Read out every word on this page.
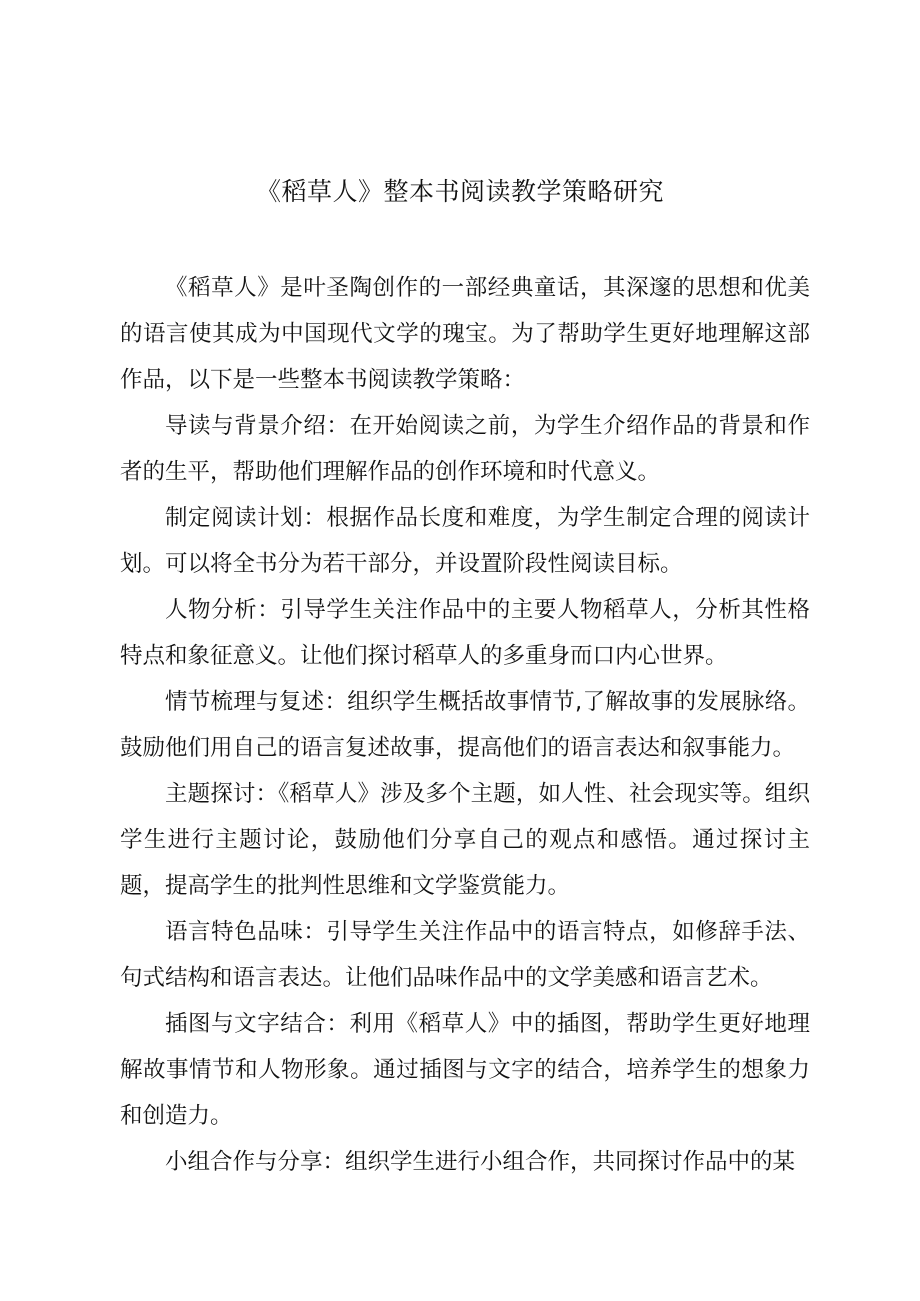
《稻草人》整本书阅读教学策略研究

《稻草人》是叶圣陶创作的一部经典童话，其深邃的思想和优美的语言使其成为中国现代文学的瑰宝。为了帮助学生更好地理解这部作品，以下是一些整本书阅读教学策略：

导读与背景介绍：在开始阅读之前，为学生介绍作品的背景和作者的生平，帮助他们理解作品的创作环境和时代意义。

制定阅读计划：根据作品长度和难度，为学生制定合理的阅读计划。可以将全书分为若干部分，并设置阶段性阅读目标。

人物分析：引导学生关注作品中的主要人物稻草人，分析其性格特点和象征意义。让他们探讨稻草人的多重身而口内心世界。

情节梳理与复述：组织学生概括故事情节,了解故事的发展脉络。鼓励他们用自己的语言复述故事，提高他们的语言表达和叙事能力。

主题探讨：《稻草人》涉及多个主题，如人性、社会现实等。组织学生进行主题讨论，鼓励他们分享自己的观点和感悟。通过探讨主题，提高学生的批判性思维和文学鉴赏能力。

语言特色品味：引导学生关注作品中的语言特点，如修辞手法、句式结构和语言表达。让他们品味作品中的文学美感和语言艺术。

插图与文字结合：利用《稻草人》中的插图，帮助学生更好地理解故事情节和人物形象。通过插图与文字的结合，培养学生的想象力和创造力。

小组合作与分享：组织学生进行小组合作，共同探讨作品中的某
